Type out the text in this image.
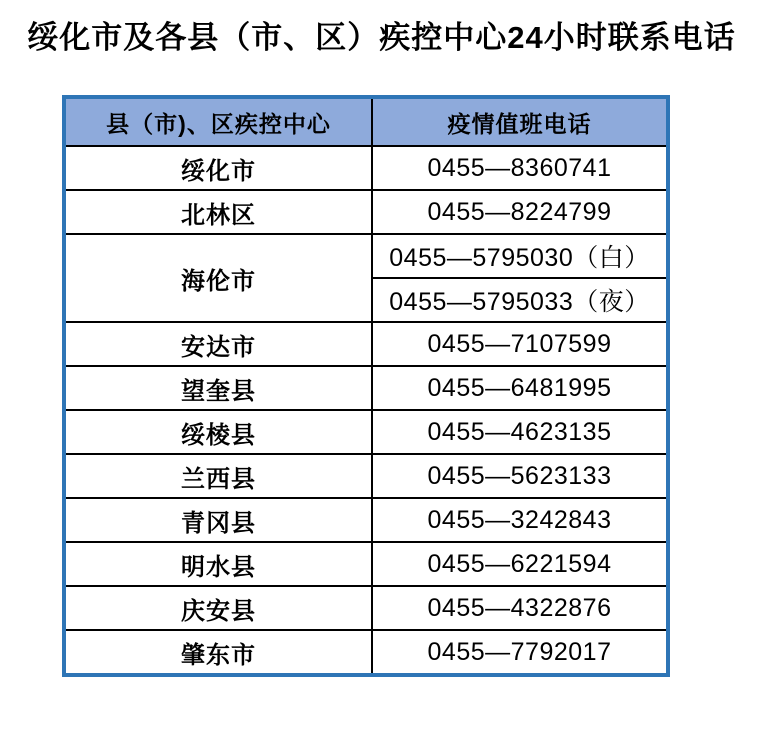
绥化市及各县（市、区）疾控中心24小时联系电话
县（市)、区疾控中心	疫情值班电话
绥化市	0455—8360741
北林区	0455—8224799
海伦市	0455—5795030（白）
	0455—5795033（夜）
安达市	0455—7107599
望奎县	0455—6481995
绥棱县	0455—4623135
兰西县	0455—5623133
青冈县	0455—3242843
明水县	0455—6221594
庆安县	0455—4322876
肇东市	0455—7792017
